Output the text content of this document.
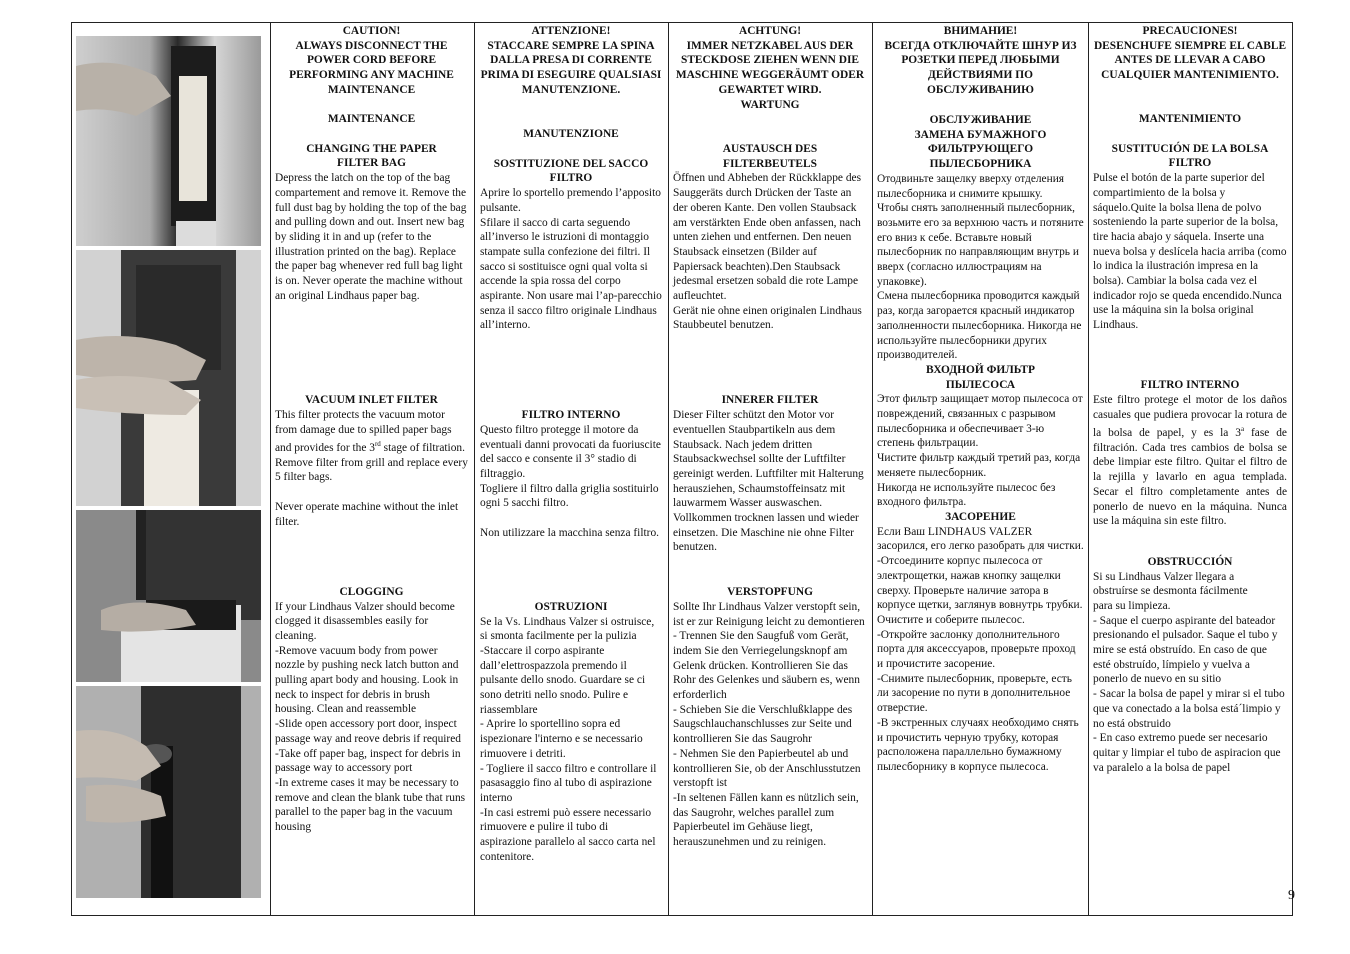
CAUTION!
ALWAYS DISCONNECT THE POWER CORD BEFORE PERFORMING ANY MACHINE MAINTENANCE

MAINTENANCE

CHANGING THE PAPER
FILTER BAG

Depress the latch on the top of the bag compartement and remove it. Remove the full dust bag by holding the top of the bag and pulling down and out. Insert new bag by sliding it in and up (refer to the illustration printed on the bag). Replace the paper bag whenever red full bag light is on. Never operate the machine without an original Lindhaus paper bag.

VACUUM INLET FILTER

This filter protects the vacuum motor from damage due to spilled paper bags and provides for the 3rd stage of filtration.
Remove filter from grill and replace every 5 filter bags.

Never operate machine without the inlet filter.

CLOGGING

If your Lindhaus Valzer should become clogged it disassembles easily for cleaning.
-Remove vacuum body from power nozzle by pushing neck latch button and pulling apart body and housing. Look in neck to inspect for debris in brush housing. Clean and reassemble
-Slide open accessory port door, inspect passage way and reove debris if required
-Take off paper bag, inspect for debris in passage way to accessory port
-In extreme cases it may be necessary to remove and clean the blank tube that runs parallel to the paper bag in the vacuum housing

ATTENZIONE!
STACCARE SEMPRE LA SPINA DALLA PRESA DI CORRENTE PRIMA DI ESEGUIRE QUALSIASI MANUTENZIONE.

MANUTENZIONE

SOSTITUZIONE DEL SACCO
FILTRO

Aprire lo sportello premendo l’apposito pulsante.
Sfilare il sacco di carta seguendo all’inverso le istruzioni di montaggio stampate sulla confezione dei filtri. Il sacco si sostituisce ogni qual volta si accende la spia rossa del corpo aspirante. Non usare mai l’ap-parecchio senza il sacco filtro originale Lindhaus all’interno.

FILTRO INTERNO

Questo filtro protegge il motore da eventuali danni provocati da fuoriuscite del sacco e consente il 3° stadio di filtraggio.
Togliere il filtro dalla griglia sostituirlo ogni 5 sacchi filtro.

Non utilizzare la macchina senza filtro.

OSTRUZIONI

Se la Vs. Lindhaus Valzer si ostruisce, si smonta facilmente per la pulizia
-Staccare il corpo aspirante dall’elettrospazzola premendo il pulsante dello snodo. Guardare se ci sono detriti nello snodo. Pulire e riassemblare
- Aprire lo sportellino sopra ed ispezionare l'interno e se necessario rimuovere i detriti.
- Togliere il sacco filtro e controllare il pasasaggio fino al tubo di aspirazione interno
-In casi estremi può essere necessario rimuovere e pulire il tubo di aspirazione parallelo al sacco carta nel contenitore.

ACHTUNG!
IMMER NETZKABEL AUS DER STECKDOSE ZIEHEN WENN DIE MASCHINE WEGGERÄUMT ODER GEWARTET WIRD.
WARTUNG

AUSTAUSCH DES
FILTERBEUTELS

Öffnen und Abheben der Rückklappe des Sauggeräts durch Drücken der Taste an der oberen Kante. Den vollen Staubsack am verstärkten Ende oben anfassen, nach unten ziehen und entfernen. Den neuen Staubsack einsetzen (Bilder auf Papiersack beachten).Den Staubsack jedesmal ersetzen sobald die rote Lampe aufleuchtet.
Gerät nie ohne einen originalen Lindhaus Staubbeutel benutzen.

INNERER FILTER

Dieser Filter schützt den Motor vor eventuellen Staubpartikeln aus dem Staubsack. Nach jedem dritten Staubsackwechsel sollte der Luftfilter gereinigt werden. Luftfilter mit Halterung herausziehen, Schaumstoffeinsatz mit lauwarmem Wasser auswaschen. Vollkommen trocknen lassen und wieder einsetzen. Die Maschine nie ohne Filter benutzen.

VERSTOPFUNG

Sollte Ihr Lindhaus Valzer verstopft sein, ist er zur Reinigung leicht zu demontieren
- Trennen Sie den Saugfuß vom Gerät, indem Sie den Verriegelungsknopf am Gelenk drücken. Kontrollieren Sie das Rohr des Gelenkes und säubern es, wenn erforderlich
- Schieben Sie die Verschlußklappe des Saugschlauchanschlusses zur Seite und kontrollieren Sie das Saugrohr
- Nehmen Sie den Papierbeutel ab und kontrollieren Sie, ob der Anschlusstutzen verstopft ist
-In seltenen Fällen kann es nützlich sein, das Saugrohr, welches parallel zum Papierbeutel im Gehäuse liegt, herauszunehmen und zu reinigen.

ВНИМАНИЕ!
ВСЕГДА ОТКЛЮЧАЙТЕ ШНУР ИЗ РОЗЕТКИ ПЕРЕД ЛЮБЫМИ ДЕЙСТВИЯМИ ПО ОБСЛУЖИВАНИЮ

ОБСЛУЖИВАНИЕ
ЗАМЕНА БУМАЖНОГО ФИЛЬТРУЮЩЕГО ПЫЛЕСБОРНИКА

Отодвиньте защелку вверху отделения пылесборника и снимите крышку.
Чтобы снять заполненный пылесборник, возьмите его за верхнюю часть и потяните его вниз к себе. Вставьте новый пылесборник по направляющим внутрь и вверх (согласно иллюстрациям на упаковке).
Смена пылесборника проводится каждый раз, когда загорается красный индикатор заполненности пылесборника. Никогда не используйте пылесборники других производителей.

ВХОДНОЙ ФИЛЬТР
ПЫЛЕСОСА

Этот фильтр защищает мотор пылесоса от повреждений, связанных с разрывом пылесборника и обеспечивает 3-ю степень фильтрации.
Чистите фильтр каждый третий раз, когда меняете пылесборник.
Никогда не используйте пылесос без входного фильтра.

ЗАСОРЕНИЕ

Если Ваш LINDHAUS VALZER засорился, его легко разобрать для чистки.
-Отсоедините корпус пылесоса от электрощетки, нажав кнопку защелки сверху. Проверьте наличие затора в корпусе щетки, заглянув вовнутрь трубки. Очистите и соберите пылесос.
-Откройте заслонку дополнительного порта для аксессуаров, проверьте проход и прочистите засорение.
-Снимите пылесборник, проверьте, есть ли засорение по пути в дополнительное отверстие.
-В экстренных случаях необходимо снять и прочистить черную трубку, которая расположена параллельно бумажному пылесборнику в корпусе пылесоса.

PRECAUCIONES!
DESENCHUFE SIEMPRE EL CABLE ANTES DE LLEVAR A CABO CUALQUIER MANTENIMIENTO.

MANTENIMIENTO

SUSTITUCIÓN DE LA BOLSA
FILTRO

Pulse el botón de la parte superior del compartimiento de la bolsa y sáquelo.Quite la bolsa llena de polvo sosteniendo la parte superior de la bolsa, tire hacia abajo y sáquela. Inserte una nueva bolsa y deslícela hacia arriba (como lo indica la ilustración impresa en la bolsa). Cambiar la bolsa cada vez el indicador rojo se queda encendido.Nunca use la máquina sin la bolsa original Lindhaus.

FILTRO INTERNO

Este filtro protege el motor de los daños casuales que pudiera provocar la rotura de la bolsa de papel, y es la 3$^a$ fase de filtración. Cada tres cambios de bolsa se debe limpiar este filtro. Quitar el filtro de la rejilla y lavarlo en agua templada. Secar el filtro completamente antes de ponerlo de nuevo en la máquina. Nunca use la máquina sin este filtro.

OBSTRUCCIÓN

Si su Lindhaus Valzer llegara a
obstruírse se desmonta fácilmente
para su limpieza.
- Saque el cuerpo aspirante del bateador presionando el pulsador. Saque el tubo y mire se está obstruído. En caso de que esté obstruído, límpielo y vuelva a ponerlo de nuevo en su sitio
- Sacar la bolsa de papel y mirar si el tubo que va conectado a la bolsa está´limpio y no está obstruido
- En caso extremo puede ser necesario quitar y limpiar el tubo de aspiracion que va paralelo a la bolsa de papel

9
